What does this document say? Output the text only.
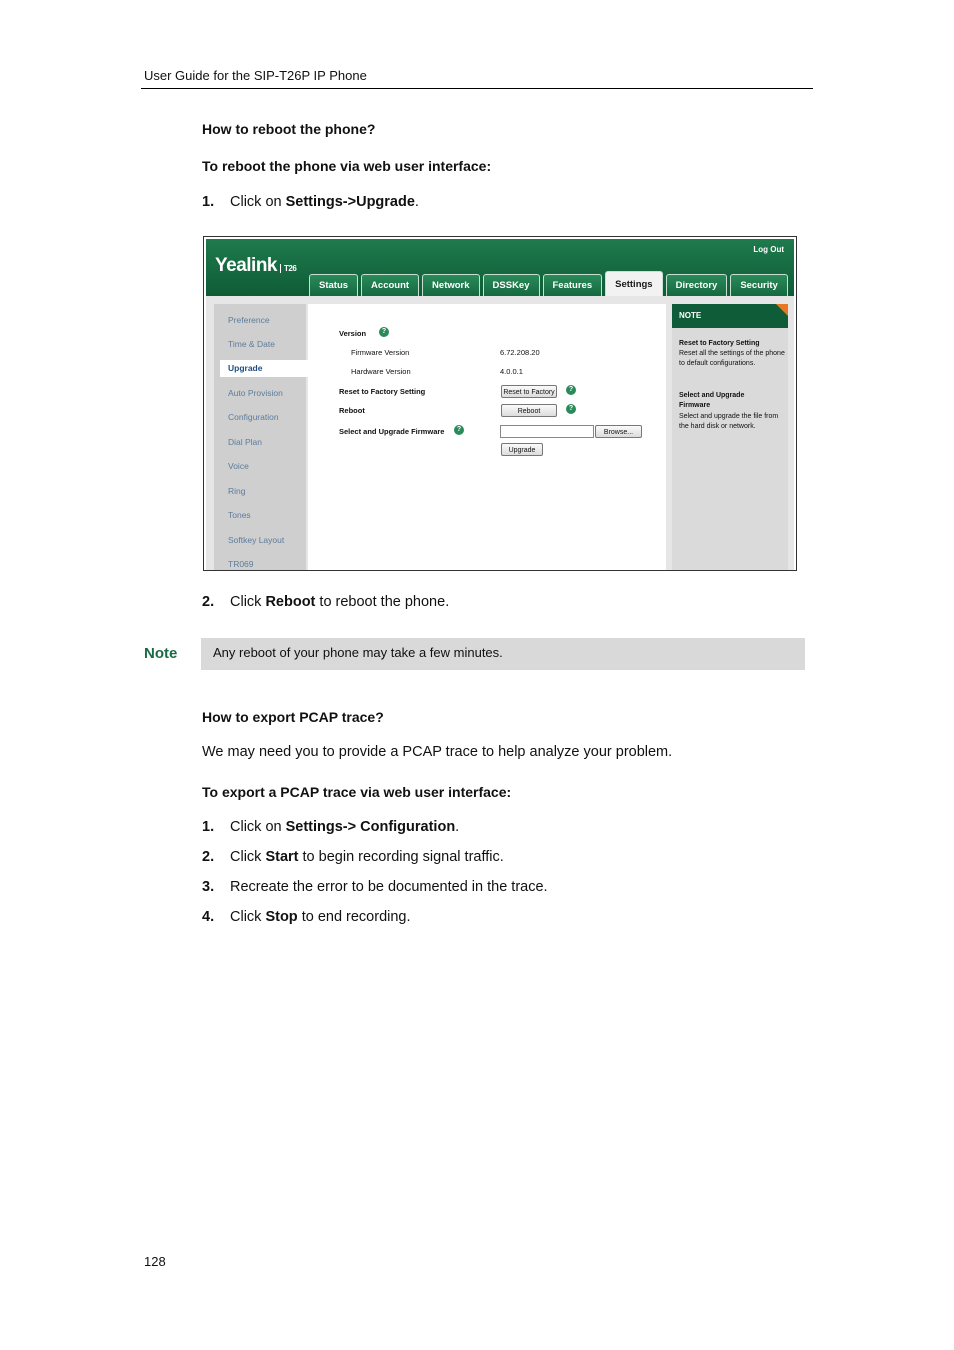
User Guide for the SIP-T26P IP Phone
How to reboot the phone?
To reboot the phone via web user interface:
1. Click on Settings->Upgrade.
Yealink T26
Log Out
Status	Account	Network	DSSKey	Features	Settings	Directory	Security
Preference
Time & Date
Upgrade
Auto Provision
Configuration
Dial Plan
Voice
Ring
Tones
Softkey Layout
TR069
Version	?
Firmware Version	6.72.208.20
Hardware Version	4.0.0.1
Reset to Factory Setting	Reset to Factory	?
Reboot	Reboot	?
Select and Upgrade Firmware	?	Browse...
Upgrade
NOTE
Reset to Factory Setting
Reset all the settings of the phone to default configurations.
Select and Upgrade Firmware
Select and upgrade the file from the hard disk or network.
2. Click Reboot to reboot the phone.
Note	Any reboot of your phone may take a few minutes.
How to export PCAP trace?
We may need you to provide a PCAP trace to help analyze your problem.
To export a PCAP trace via web user interface:
1. Click on Settings-> Configuration.
2. Click Start to begin recording signal traffic.
3. Recreate the error to be documented in the trace.
4. Click Stop to end recording.
128
